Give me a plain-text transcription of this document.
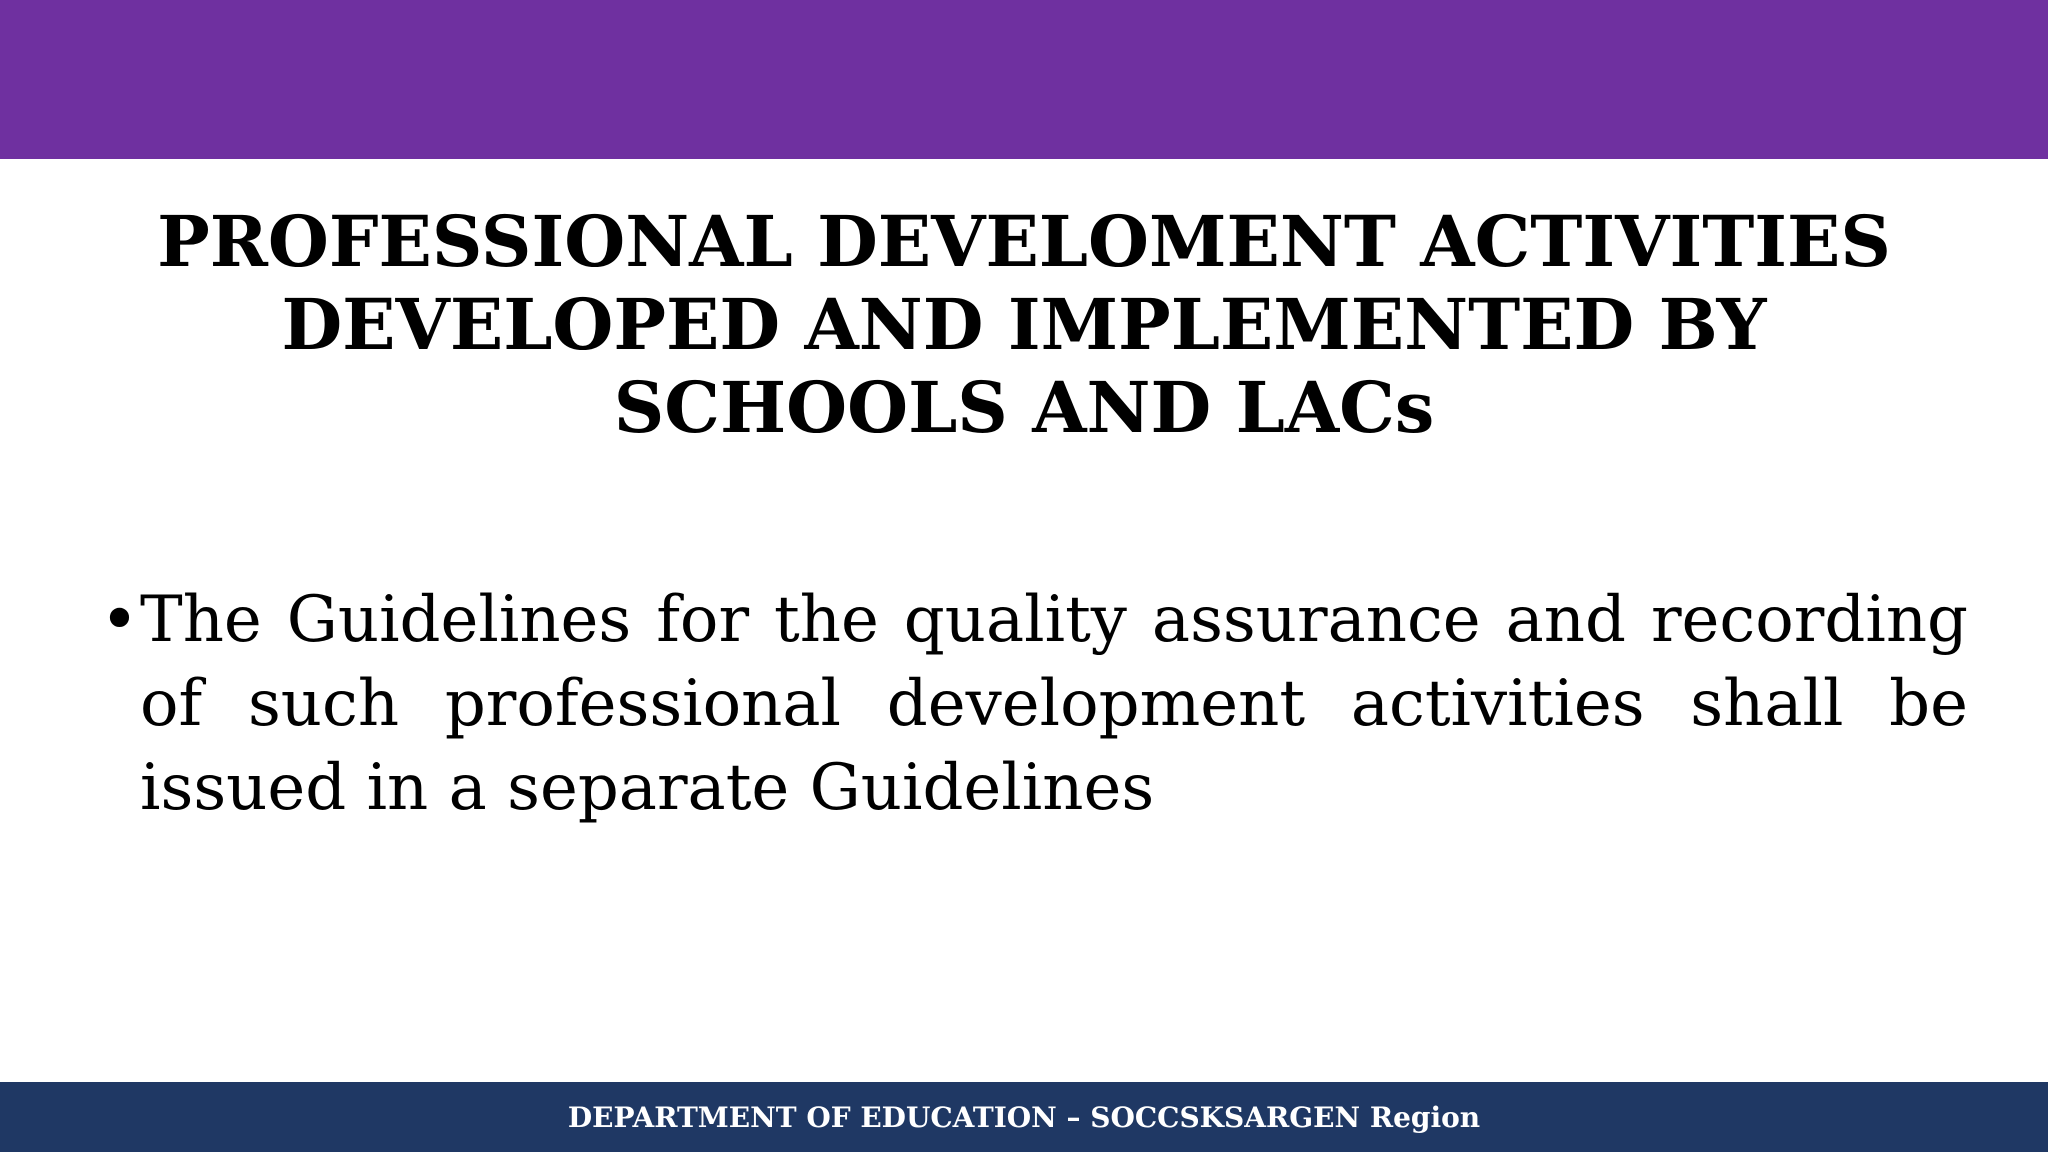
PROFESSIONAL DEVELOMENT ACTIVITIES
DEVELOPED AND IMPLEMENTED BY
SCHOOLS AND LACs
• The Guidelines for the quality assurance and recording of such professional development activities shall be issued in a separate Guidelines
DEPARTMENT OF EDUCATION – SOCCSKSARGEN Region
